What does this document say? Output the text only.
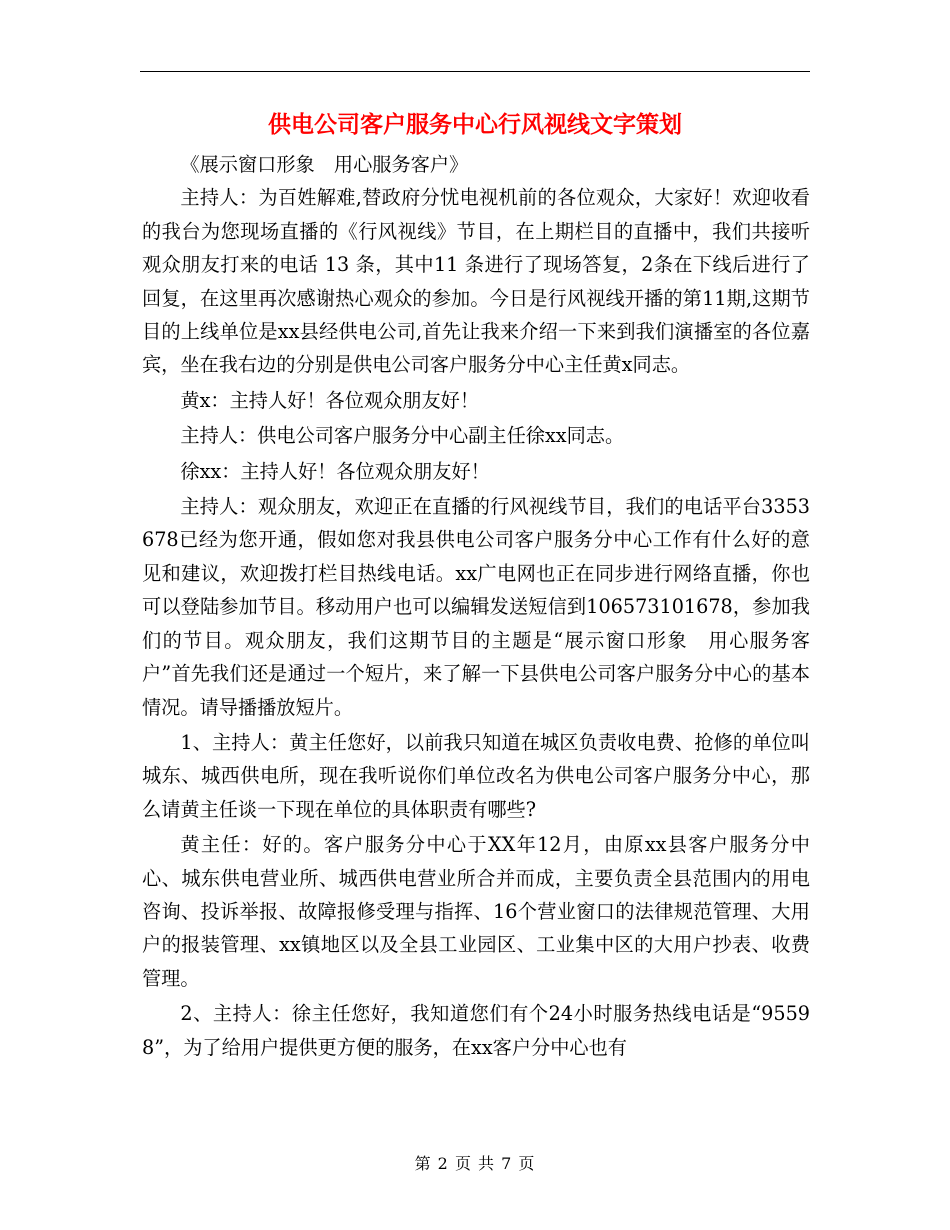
供电公司客户服务中心行风视线文字策划

《展示窗口形象　用心服务客户》

主持人：为百姓解难,替政府分忧电视机前的各位观众，大家好！欢迎收看的我台为您现场直播的《行风视线》节目，在上期栏目的直播中，我们共接听观众朋友打来的电话 13 条，其中11 条进行了现场答复，2条在下线后进行了回复，在这里再次感谢热心观众的参加。今日是行风视线开播的第11期,这期节目的上线单位是xx县经供电公司,首先让我来介绍一下来到我们演播室的各位嘉宾，坐在我右边的分别是供电公司客户服务分中心主任黄x同志。

黄x：主持人好！各位观众朋友好！

主持人：供电公司客户服务分中心副主任徐xx同志。

徐xx：主持人好！各位观众朋友好！

主持人：观众朋友，欢迎正在直播的行风视线节目，我们的电话平台3353678已经为您开通，假如您对我县供电公司客户服务分中心工作有什么好的意见和建议，欢迎拨打栏目热线电话。xx广电网也正在同步进行网络直播，你也可以登陆参加节目。移动用户也可以编辑发送短信到106573101678，参加我们的节目。观众朋友，我们这期节目的主题是“展示窗口形象　用心服务客户”首先我们还是通过一个短片，来了解一下县供电公司客户服务分中心的基本情况。请导播播放短片。

1、主持人：黄主任您好，以前我只知道在城区负责收电费、抢修的单位叫城东、城西供电所，现在我听说你们单位改名为供电公司客户服务分中心，那么请黄主任谈一下现在单位的具体职责有哪些?

黄主任：好的。客户服务分中心于XX年12月，由原xx县客户服务分中心、城东供电营业所、城西供电营业所合并而成，主要负责全县范围内的用电咨询、投诉举报、故障报修受理与指挥、16个营业窗口的法律规范管理、大用户的报装管理、xx镇地区以及全县工业园区、工业集中区的大用户抄表、收费管理。

2、主持人：徐主任您好，我知道您们有个24小时服务热线电话是“95598”，为了给用户提供更方便的服务，在xx客户分中心也有

第 2 页 共 7 页
